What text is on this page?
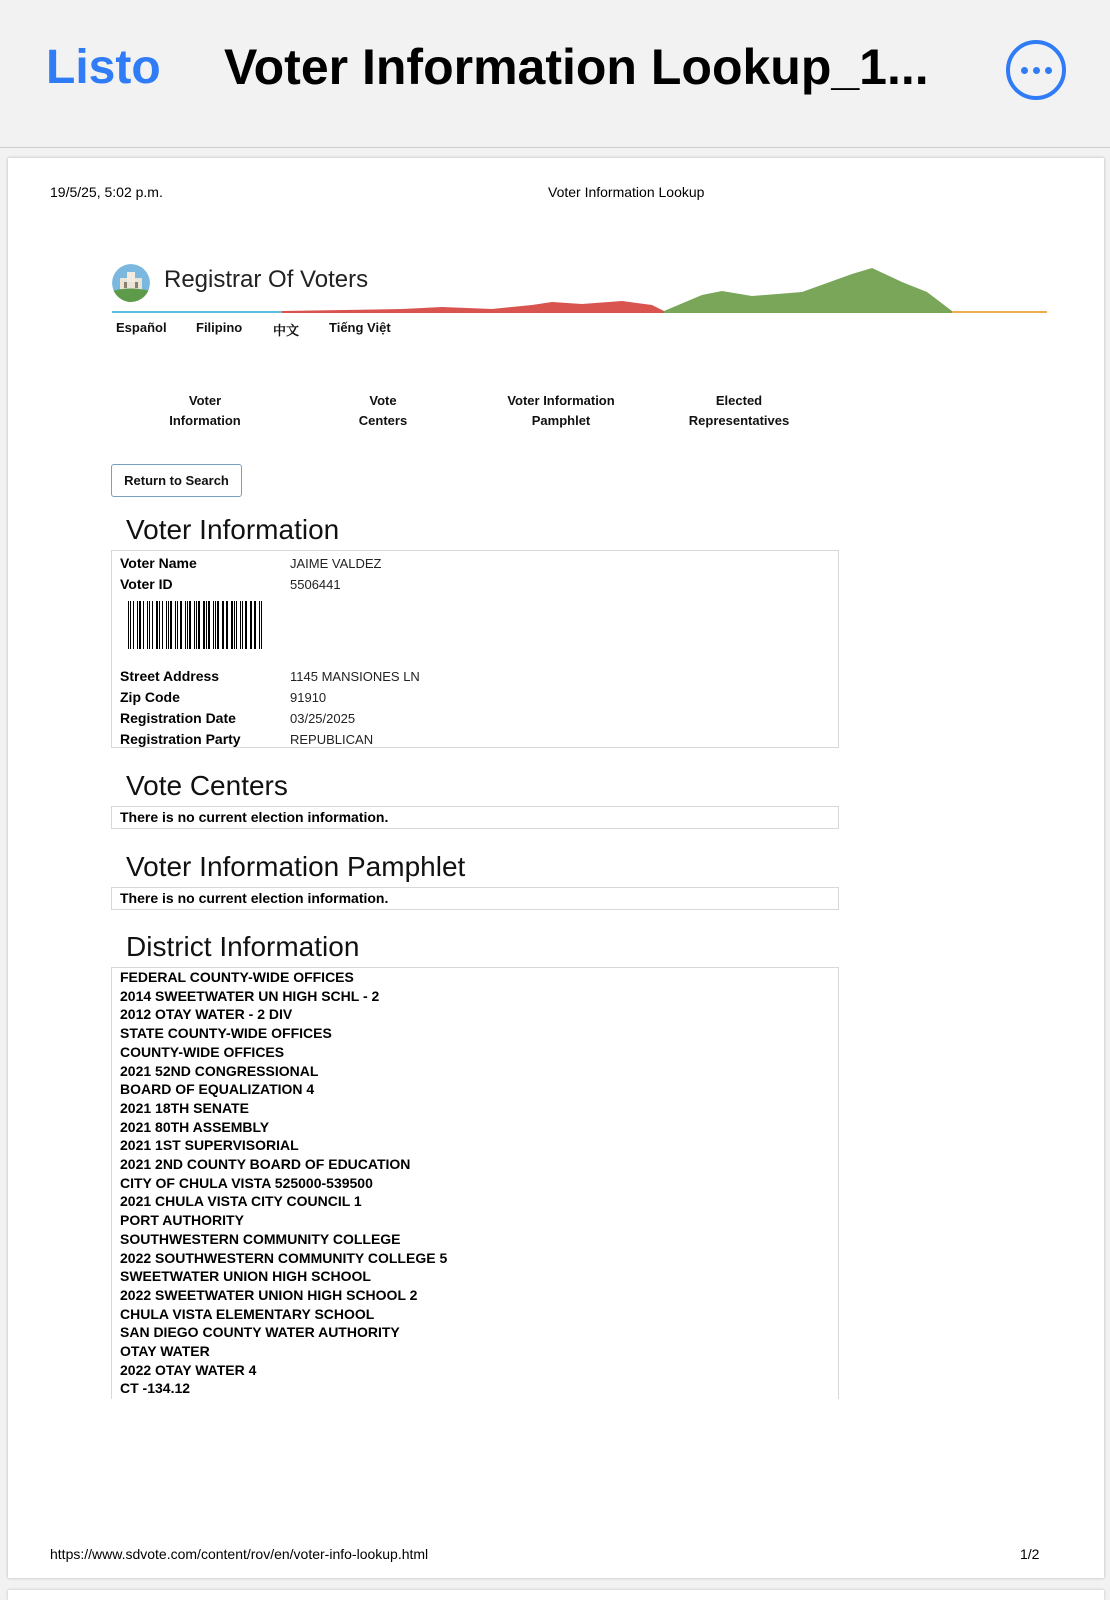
Listo Voter Information Lookup_1...
19/5/25, 5:02 p.m.	Voter Information Lookup
Registrar Of Voters
Español Filipino 中文 Tiếng Việt
Voter
Information
Vote
Centers
Voter Information
Pamphlet
Elected
Representatives
Return to Search
Voter Information
Voter Name	JAIME VALDEZ
Voter ID	5506441
Street Address	1145 MANSIONES LN
Zip Code	91910
Registration Date	03/25/2025
Registration Party	REPUBLICAN
Vote Centers
There is no current election information.
Voter Information Pamphlet
There is no current election information.
District Information
FEDERAL COUNTY-WIDE OFFICES
2014 SWEETWATER UN HIGH SCHL - 2
2012 OTAY WATER - 2 DIV
STATE COUNTY-WIDE OFFICES
COUNTY-WIDE OFFICES
2021 52ND CONGRESSIONAL
BOARD OF EQUALIZATION 4
2021 18TH SENATE
2021 80TH ASSEMBLY
2021 1ST SUPERVISORIAL
2021 2ND COUNTY BOARD OF EDUCATION
CITY OF CHULA VISTA 525000-539500
2021 CHULA VISTA CITY COUNCIL 1
PORT AUTHORITY
SOUTHWESTERN COMMUNITY COLLEGE
2022 SOUTHWESTERN COMMUNITY COLLEGE 5
SWEETWATER UNION HIGH SCHOOL
2022 SWEETWATER UNION HIGH SCHOOL 2
CHULA VISTA ELEMENTARY SCHOOL
SAN DIEGO COUNTY WATER AUTHORITY
OTAY WATER
2022 OTAY WATER 4
CT -134.12
https://www.sdvote.com/content/rov/en/voter-info-lookup.html	1/2
